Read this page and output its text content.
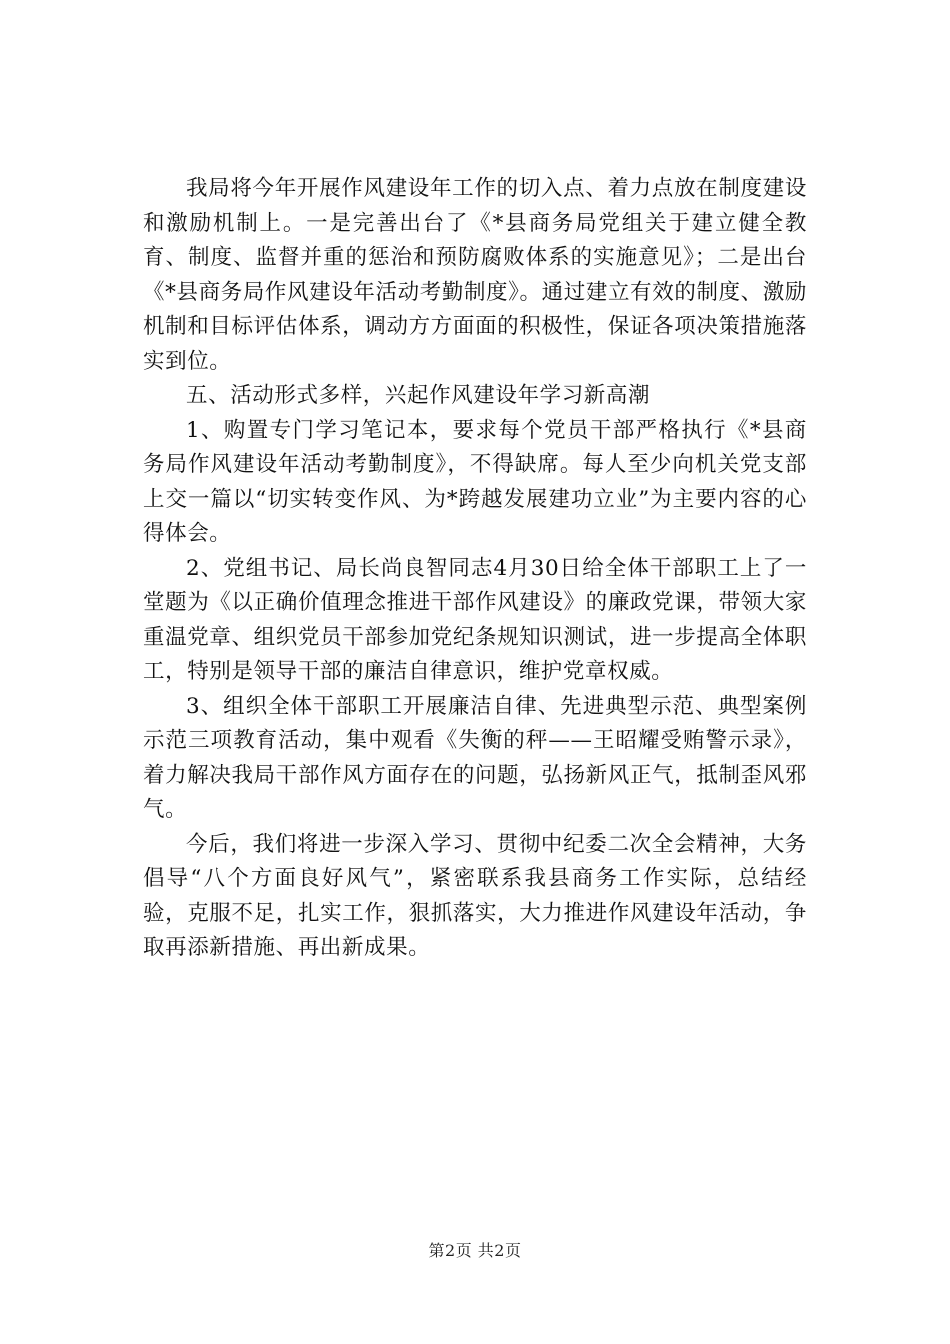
我局将今年开展作风建设年工作的切入点、着力点放在制度建设和激励机制上。一是完善出台了《*县商务局党组关于建立健全教育、制度、监督并重的惩治和预防腐败体系的实施意见》；二是出台《*县商务局作风建设年活动考勤制度》。通过建立有效的制度、激励机制和目标评估体系，调动方方面面的积极性，保证各项决策措施落实到位。

五、活动形式多样，兴起作风建设年学习新高潮

1、购置专门学习笔记本，要求每个党员干部严格执行《*县商务局作风建设年活动考勤制度》，不得缺席。每人至少向机关党支部上交一篇以“切实转变作风、为*跨越发展建功立业”为主要内容的心得体会。

2、党组书记、局长尚良智同志4月30日给全体干部职工上了一堂题为《以正确价值理念推进干部作风建设》的廉政党课，带领大家重温党章、组织党员干部参加党纪条规知识测试，进一步提高全体职工，特别是领导干部的廉洁自律意识，维护党章权威。

3、组织全体干部职工开展廉洁自律、先进典型示范、典型案例示范三项教育活动，集中观看《失衡的秤——王昭耀受贿警示录》，着力解决我局干部作风方面存在的问题，弘扬新风正气，抵制歪风邪气。

今后，我们将进一步深入学习、贯彻中纪委二次全会精神，大务倡导“八个方面良好风气”，紧密联系我县商务工作实际，总结经验，克服不足，扎实工作，狠抓落实，大力推进作风建设年活动，争取再添新措施、再出新成果。

第2页 共2页
